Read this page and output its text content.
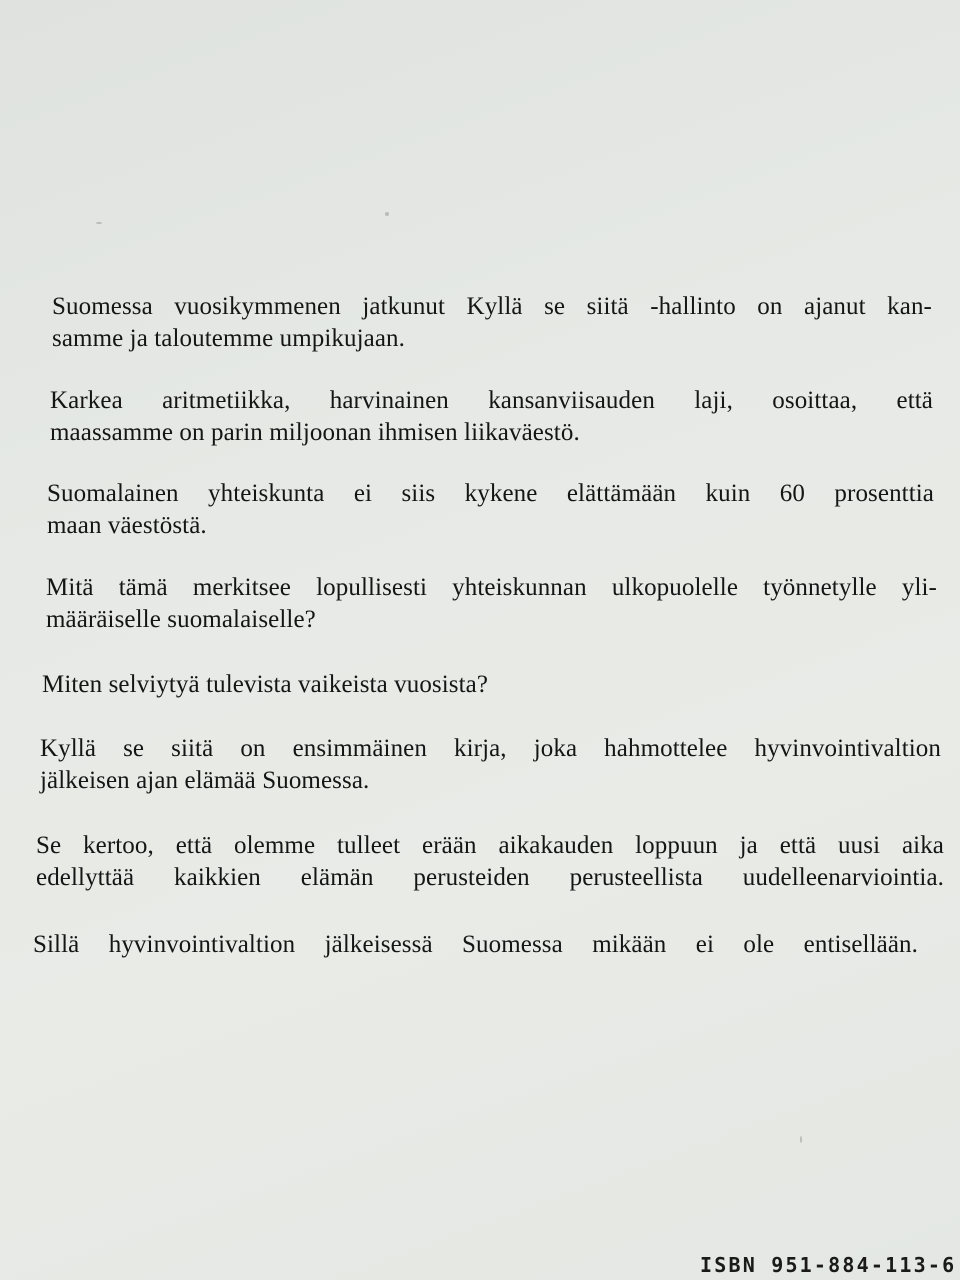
Suomessa vuosikymmenen jatkunut Kyllä se siitä -hallinto on ajanut kan-
samme ja taloutemme umpikujaan.

Karkea aritmetiikka, harvinainen kansanviisauden laji, osoittaa, että
maassamme on parin miljoonan ihmisen liikaväestö.

Suomalainen yhteiskunta ei siis kykene elättämään kuin 60 prosenttia
maan väestöstä.

Mitä tämä merkitsee lopullisesti yhteiskunnan ulkopuolelle työnnetylle yli-
määräiselle suomalaiselle?

Miten selviytyä tulevista vaikeista vuosista?

Kyllä se siitä on ensimmäinen kirja, joka hahmottelee hyvinvointivaltion
jälkeisen ajan elämää Suomessa.

Se kertoo, että olemme tulleet erään aikakauden loppuun ja että uusi aika
edellyttää kaikkien elämän perusteiden perusteellista uudelleenarviointia.

Sillä hyvinvointivaltion jälkeisessä Suomessa mikään ei ole entisellään.

ISBN 951-884-113-6
